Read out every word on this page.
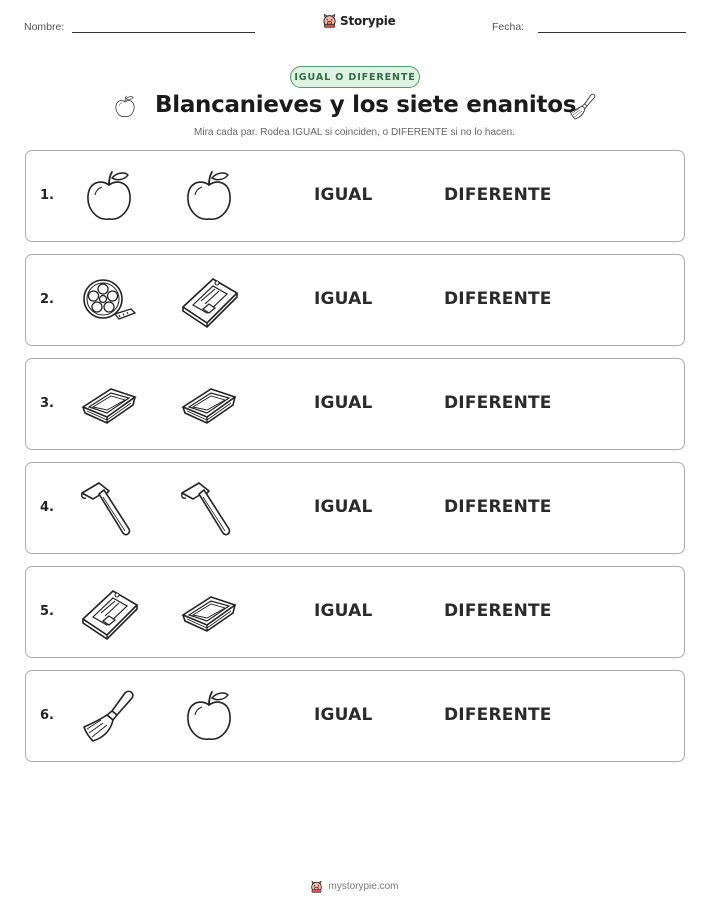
Nombre:	Storypie	Fecha:
IGUAL O DIFERENTE
Blancanieves y los siete enanitos
Mira cada par. Rodea IGUAL si coinciden, o DIFERENTE si no lo hacen.
1.	IGUAL	DIFERENTE
2.	IGUAL	DIFERENTE
3.	IGUAL	DIFERENTE
4.	IGUAL	DIFERENTE
5.	IGUAL	DIFERENTE
6.	IGUAL	DIFERENTE
mystorypie.com
